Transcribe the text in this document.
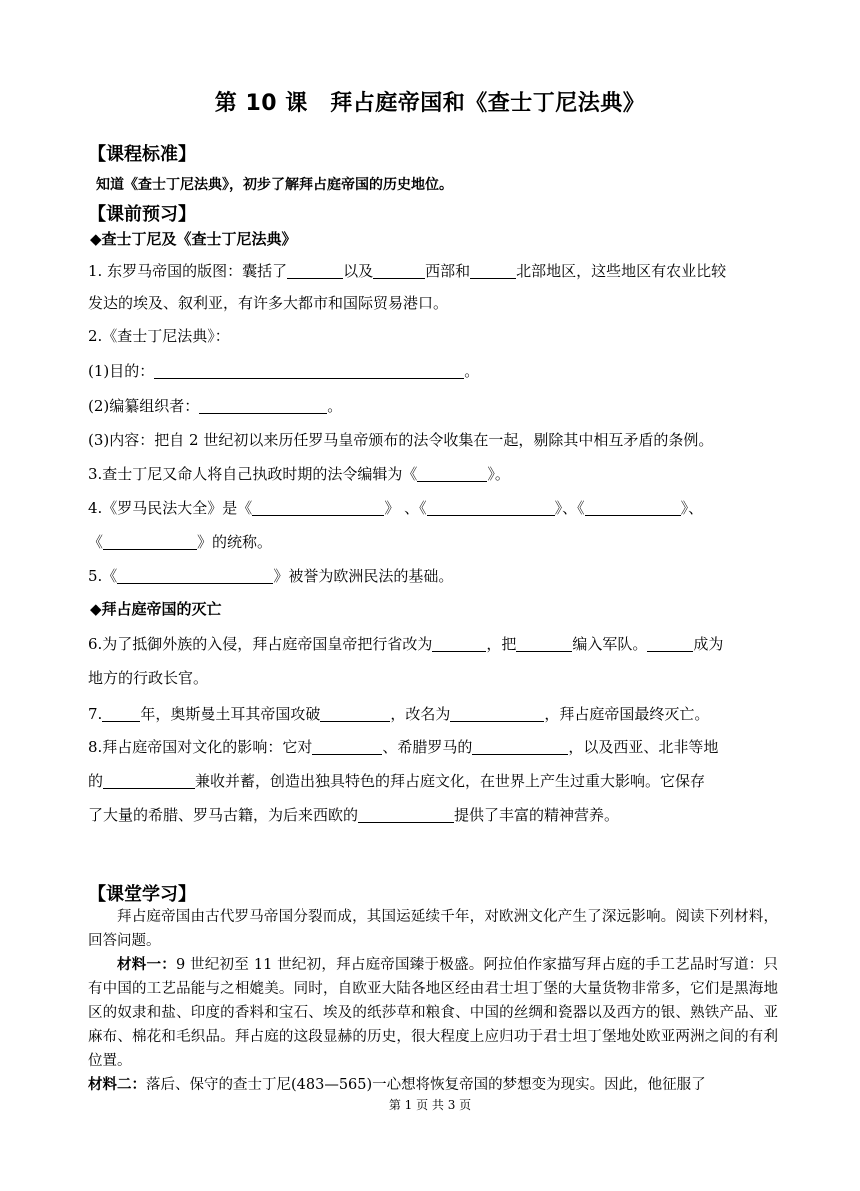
第 10 课　拜占庭帝国和《查士丁尼法典》
【课程标准】
知道《查士丁尼法典》，初步了解拜占庭帝国的历史地位。
【课前预习】
◆查士丁尼及《查士丁尼法典》
1. 东罗马帝国的版图：囊括了	以及	西部和	北部地区，这些地区有农业比较
发达的埃及、叙利亚，有许多大都市和国际贸易港口。
2.《查士丁尼法典》：
(1)目的：	。
(2)编纂组织者：	。
(3)内容：把自 2 世纪初以来历任罗马皇帝颁布的法令收集在一起，剔除其中相互矛盾的条例。
3.查士丁尼又命人将自己执政时期的法令编辑为《	》。
4.《罗马民法大全》是《	》 、《	》、《	》、
《	》的统称。
5.《	》被誉为欧洲民法的基础。
◆拜占庭帝国的灭亡
6.为了抵御外族的入侵，拜占庭帝国皇帝把行省改为	，把	编入军队。	成为
地方的行政长官。
7.	年，奥斯曼土耳其帝国攻破	，改名为	，拜占庭帝国最终灭亡。
8.拜占庭帝国对文化的影响：它对	、希腊罗马的	，以及西亚、北非等地
的	兼收并蓄，创造出独具特色的拜占庭文化，在世界上产生过重大影响。它保存
了大量的希腊、罗马古籍，为后来西欧的	提供了丰富的精神营养。
【课堂学习】
拜占庭帝国由古代罗马帝国分裂而成，其国运延续千年，对欧洲文化产生了深远影响。阅读下列材料，回答问题。
材料一：9 世纪初至 11 世纪初，拜占庭帝国臻于极盛。阿拉伯作家描写拜占庭的手工艺品时写道：只有中国的工艺品能与之相媲美。同时，自欧亚大陆各地区经由君士坦丁堡的大量货物非常多，它们是黑海地区的奴隶和盐、印度的香料和宝石、埃及的纸莎草和粮食、中国的丝绸和瓷器以及西方的银、熟铁产品、亚麻布、棉花和毛织品。拜占庭的这段显赫的历史，很大程度上应归功于君士坦丁堡地处欧亚两洲之间的有利位置。
材料二：落后、保守的查士丁尼(483—565)一心想将恢复帝国的梦想变为现实。因此，他征服了
第 1 页 共 3 页
